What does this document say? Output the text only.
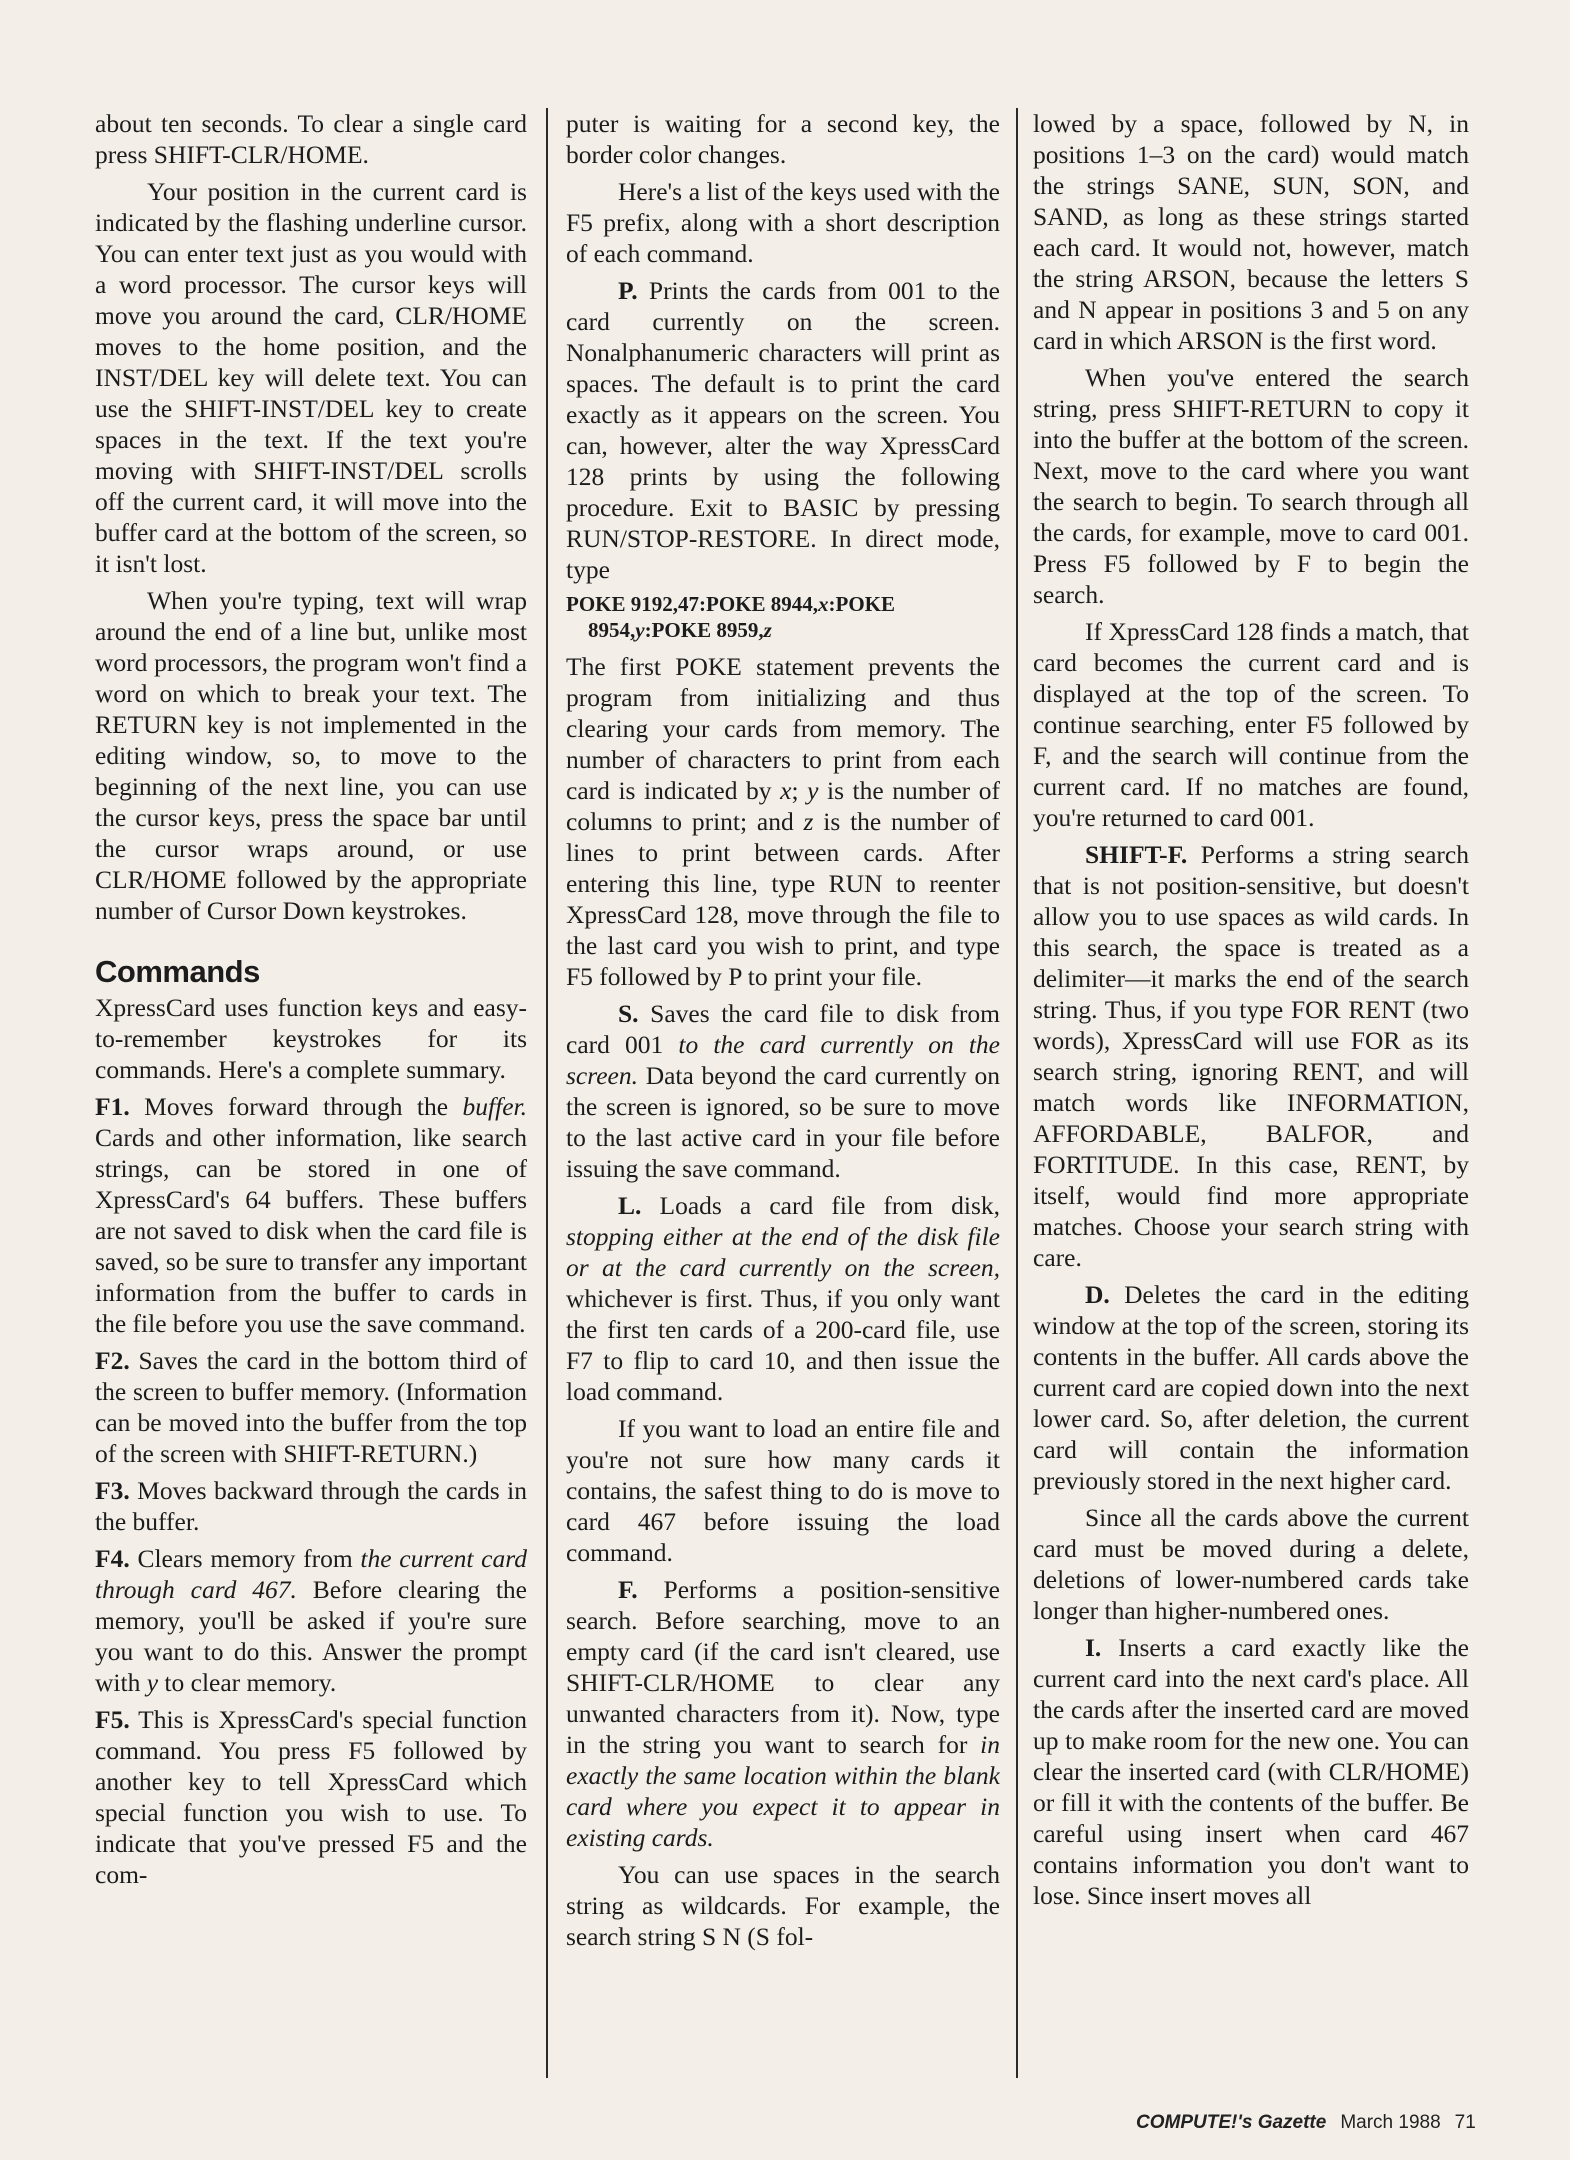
about ten seconds. To clear a single card press SHIFT-CLR/HOME.

Your position in the current card is indicated by the flashing underline cursor. You can enter text just as you would with a word processor. The cursor keys will move you around the card, CLR/HOME moves to the home position, and the INST/DEL key will delete text. You can use the SHIFT-INST/DEL key to create spaces in the text. If the text you're moving with SHIFT-INST/DEL scrolls off the current card, it will move into the buffer card at the bottom of the screen, so it isn't lost.

When you're typing, text will wrap around the end of a line but, unlike most word processors, the program won't find a word on which to break your text. The RETURN key is not implemented in the editing window, so, to move to the beginning of the next line, you can use the cursor keys, press the space bar until the cursor wraps around, or use CLR/HOME followed by the appropriate number of Cursor Down keystrokes.

Commands

XpressCard uses function keys and easy-to-remember keystrokes for its commands. Here's a complete summary.

F1. Moves forward through the buffer. Cards and other information, like search strings, can be stored in one of XpressCard's 64 buffers. These buffers are not saved to disk when the card file is saved, so be sure to transfer any important information from the buffer to cards in the file before you use the save command.

F2. Saves the card in the bottom third of the screen to buffer memory. (Information can be moved into the buffer from the top of the screen with SHIFT-RETURN.)

F3. Moves backward through the cards in the buffer.

F4. Clears memory from the current card through card 467. Before clearing the memory, you'll be asked if you're sure you want to do this. Answer the prompt with y to clear memory.

F5. This is XpressCard's special function command. You press F5 followed by another key to tell XpressCard which special function you wish to use. To indicate that you've pressed F5 and the com-

puter is waiting for a second key, the border color changes.

Here's a list of the keys used with the F5 prefix, along with a short description of each command.

P. Prints the cards from 001 to the card currently on the screen. Nonalphanumeric characters will print as spaces. The default is to print the card exactly as it appears on the screen. You can, however, alter the way XpressCard 128 prints by using the following procedure. Exit to BASIC by pressing RUN/STOP-RESTORE. In direct mode, type

POKE 9192,47:POKE 8944,x:POKE
8954,y:POKE 8959,z

The first POKE statement prevents the program from initializing and thus clearing your cards from memory. The number of characters to print from each card is indicated by x; y is the number of columns to print; and z is the number of lines to print between cards. After entering this line, type RUN to reenter XpressCard 128, move through the file to the last card you wish to print, and type F5 followed by P to print your file.

S. Saves the card file to disk from card 001 to the card currently on the screen. Data beyond the card currently on the screen is ignored, so be sure to move to the last active card in your file before issuing the save command.

L. Loads a card file from disk, stopping either at the end of the disk file or at the card currently on the screen, whichever is first. Thus, if you only want the first ten cards of a 200-card file, use F7 to flip to card 10, and then issue the load command.

If you want to load an entire file and you're not sure how many cards it contains, the safest thing to do is move to card 467 before issuing the load command.

F. Performs a position-sensitive search. Before searching, move to an empty card (if the card isn't cleared, use SHIFT-CLR/HOME to clear any unwanted characters from it). Now, type in the string you want to search for in exactly the same location within the blank card where you expect it to appear in existing cards.

You can use spaces in the search string as wildcards. For example, the search string S N (S fol-

lowed by a space, followed by N, in positions 1–3 on the card) would match the strings SANE, SUN, SON, and SAND, as long as these strings started each card. It would not, however, match the string ARSON, because the letters S and N appear in positions 3 and 5 on any card in which ARSON is the first word.

When you've entered the search string, press SHIFT-RETURN to copy it into the buffer at the bottom of the screen. Next, move to the card where you want the search to begin. To search through all the cards, for example, move to card 001. Press F5 followed by F to begin the search.

If XpressCard 128 finds a match, that card becomes the current card and is displayed at the top of the screen. To continue searching, enter F5 followed by F, and the search will continue from the current card. If no matches are found, you're returned to card 001.

SHIFT-F. Performs a string search that is not position-sensitive, but doesn't allow you to use spaces as wild cards. In this search, the space is treated as a delimiter—it marks the end of the search string. Thus, if you type FOR RENT (two words), XpressCard will use FOR as its search string, ignoring RENT, and will match words like INFORMATION, AFFORDABLE, BALFOR, and FORTITUDE. In this case, RENT, by itself, would find more appropriate matches. Choose your search string with care.

D. Deletes the card in the editing window at the top of the screen, storing its contents in the buffer. All cards above the current card are copied down into the next lower card. So, after deletion, the current card will contain the information previously stored in the next higher card.

Since all the cards above the current card must be moved during a delete, deletions of lower-numbered cards take longer than higher-numbered ones.

I. Inserts a card exactly like the current card into the next card's place. All the cards after the inserted card are moved up to make room for the new one. You can clear the inserted card (with CLR/HOME) or fill it with the contents of the buffer. Be careful using insert when card 467 contains information you don't want to lose. Since insert moves all

COMPUTE!'s Gazette March 1988 71
